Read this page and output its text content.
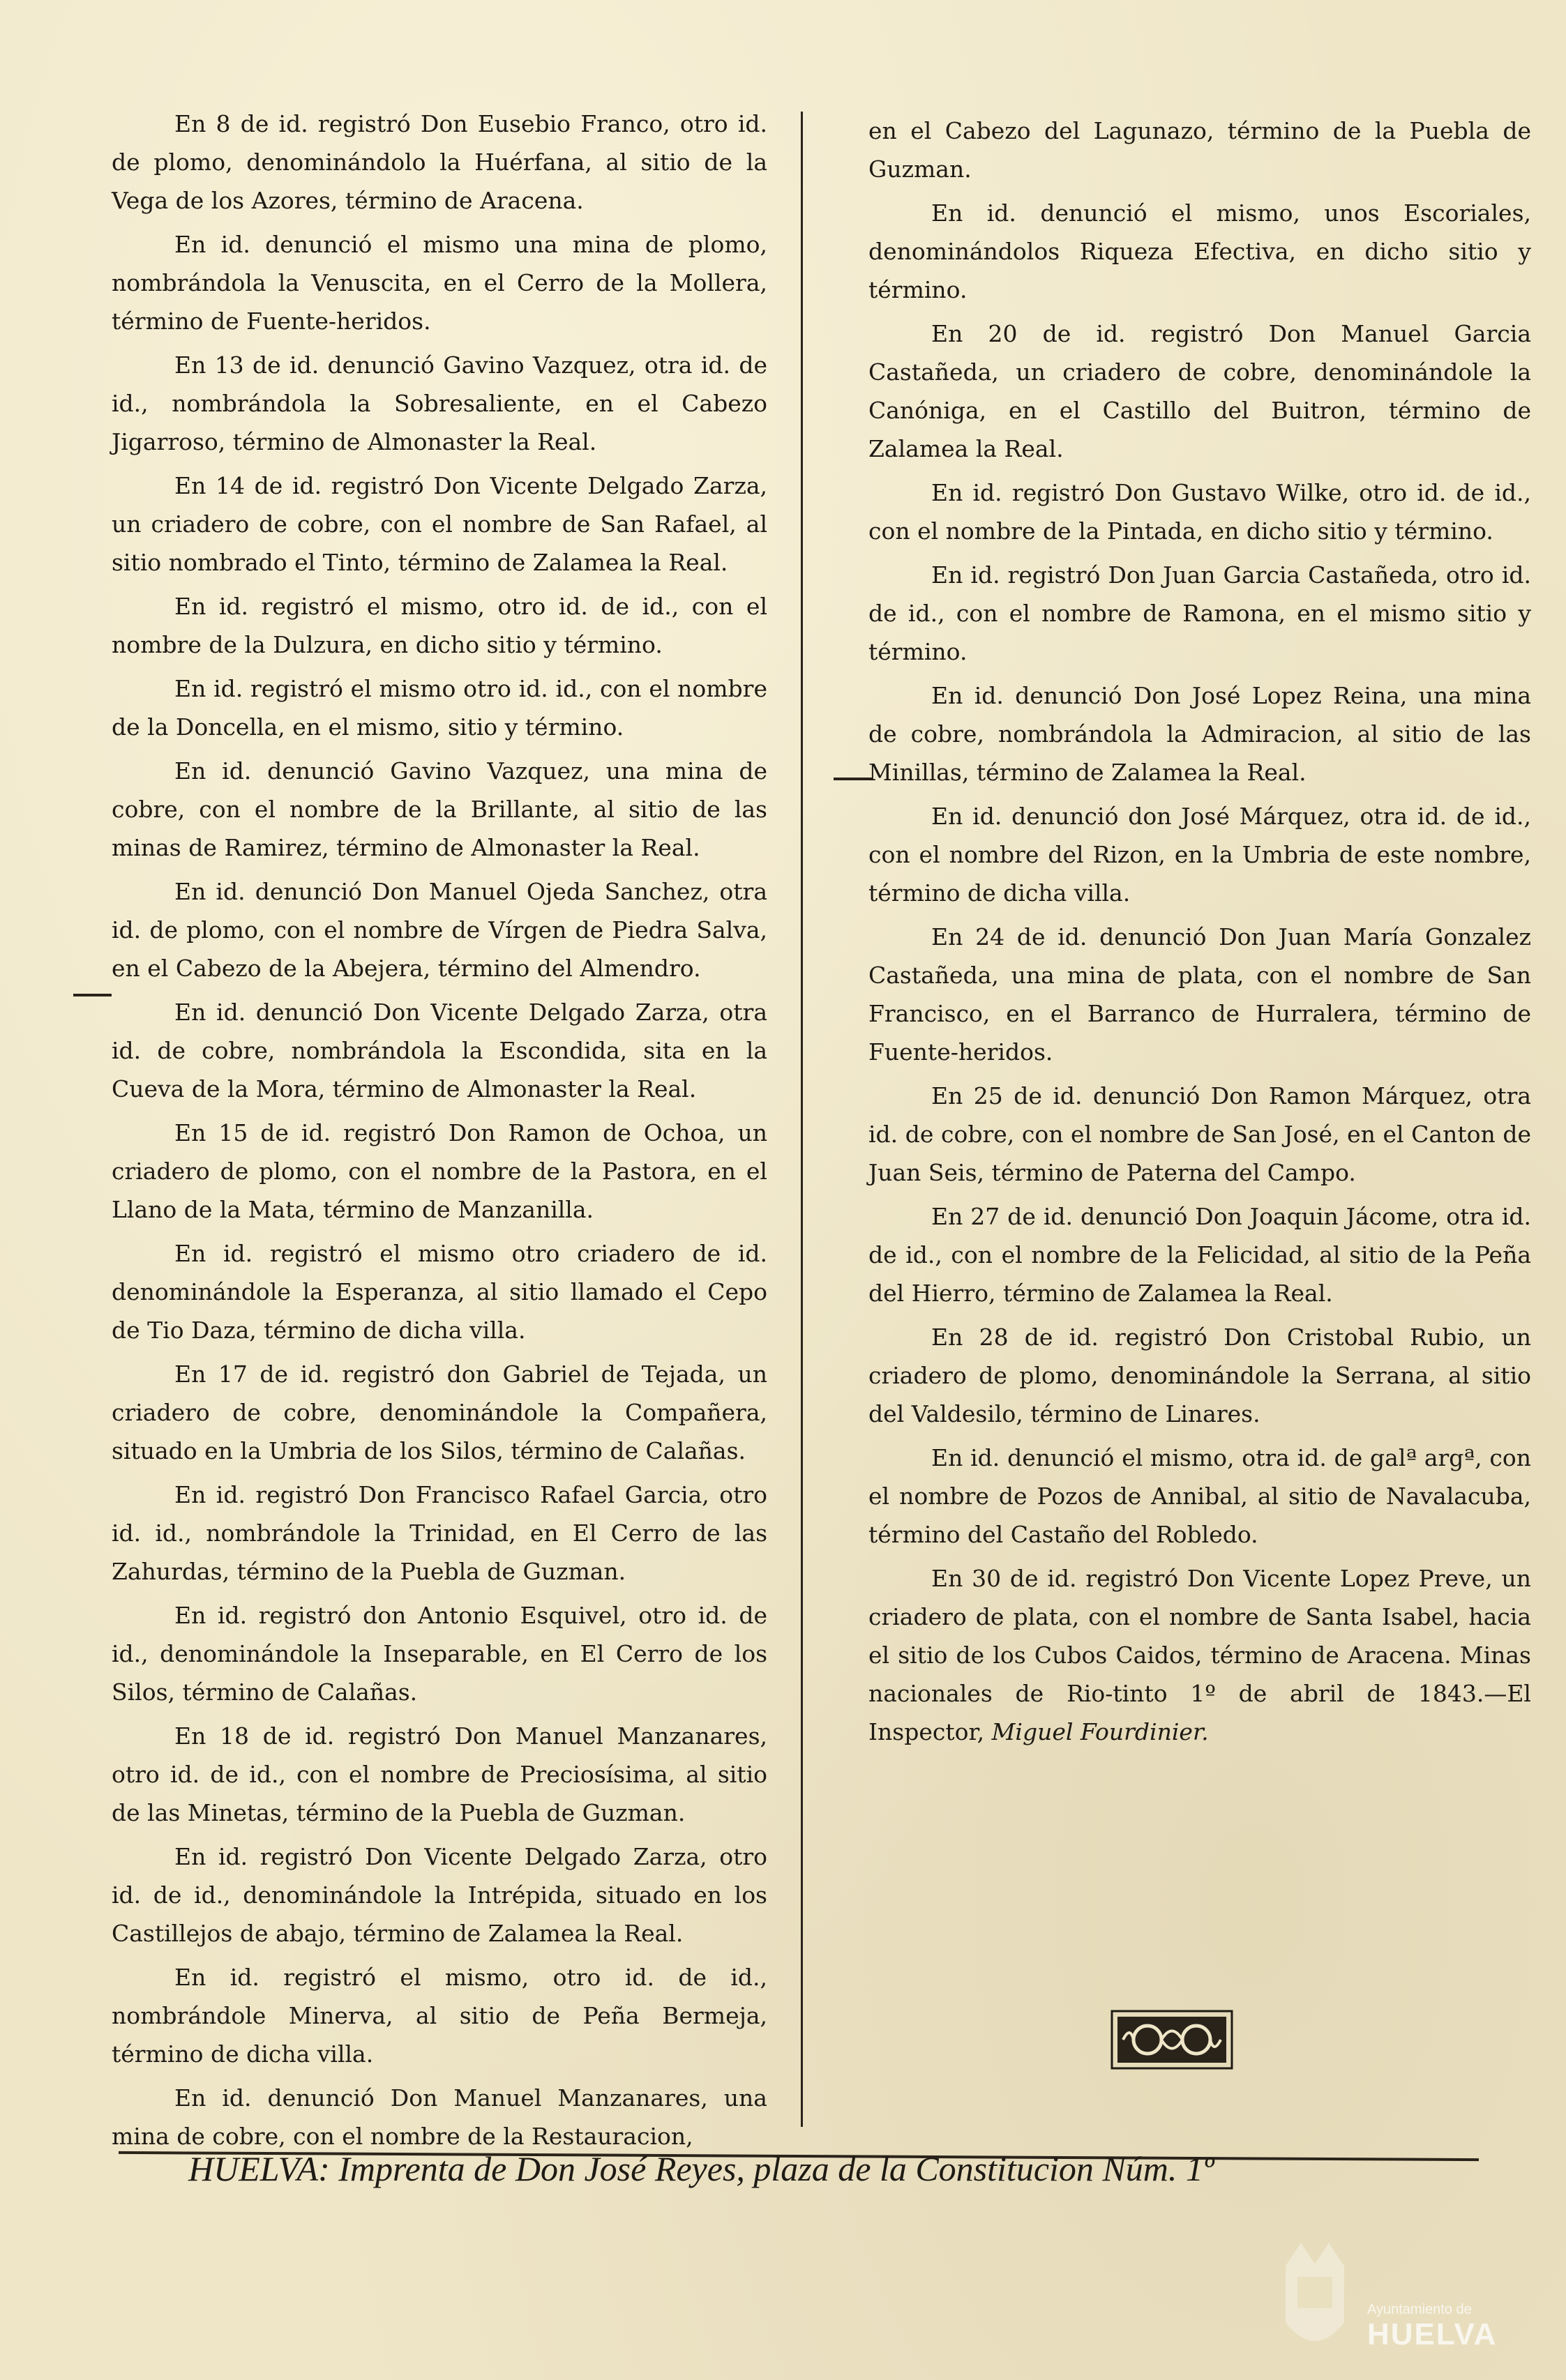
En 8 de id. registró Don Eusebio Franco, otro id. de plomo, denominándolo la Huérfana, al sitio de la Vega de los Azores, término de Aracena.

En id. denunció el mismo una mina de plomo, nombrándola la Venuscita, en el Cerro de la Mollera, término de Fuente-heridos.

En 13 de id. denunció Gavino Vazquez, otra id. de id., nombrándola la Sobresaliente, en el Cabezo Jigarroso, término de Almonaster la Real.

En 14 de id. registró Don Vicente Delgado Zarza, un criadero de cobre, con el nombre de San Rafael, al sitio nombrado el Tinto, término de Zalamea la Real.

En id. registró el mismo, otro id. de id., con el nombre de la Dulzura, en dicho sitio y término.

En id. registró el mismo otro id. id., con el nombre de la Doncella, en el mismo, sitio y término.

En id. denunció Gavino Vazquez, una mina de cobre, con el nombre de la Brillante, al sitio de las minas de Ramirez, término de Almonaster la Real.

En id. denunció Don Manuel Ojeda Sanchez, otra id. de plomo, con el nombre de Vírgen de Piedra Salva, en el Cabezo de la Abejera, término del Almendro.

En id. denunció Don Vicente Delgado Zarza, otra id. de cobre, nombrándola la Escondida, sita en la Cueva de la Mora, término de Almonaster la Real.

En 15 de id. registró Don Ramon de Ochoa, un criadero de plomo, con el nombre de la Pastora, en el Llano de la Mata, término de Manzanilla.

En id. registró el mismo otro criadero de id. denominándole la Esperanza, al sitio llamado el Cepo de Tio Daza, término de dicha villa.

En 17 de id. registró don Gabriel de Tejada, un criadero de cobre, denominándole la Compañera, situado en la Umbria de los Silos, término de Calañas.

En id. registró Don Francisco Rafael Garcia, otro id. id., nombrándole la Trinidad, en El Cerro de las Zahurdas, término de la Puebla de Guzman.

En id. registró don Antonio Esquivel, otro id. de id., denominándole la Inseparable, en El Cerro de los Silos, término de Calañas.

En 18 de id. registró Don Manuel Manzanares, otro id. de id., con el nombre de Preciosísima, al sitio de las Minetas, término de la Puebla de Guzman.

En id. registró Don Vicente Delgado Zarza, otro id. de id., denominándole la Intrépida, situado en los Castillejos de abajo, término de Zalamea la Real.

En id. registró el mismo, otro id. de id., nombrándole Minerva, al sitio de Peña Bermeja, término de dicha villa.

En id. denunció Don Manuel Manzanares, una mina de cobre, con el nombre de la Restauracion,

en el Cabezo del Lagunazo, término de la Puebla de Guzman.

En id. denunció el mismo, unos Escoriales, denominándolos Riqueza Efectiva, en dicho sitio y término.

En 20 de id. registró Don Manuel Garcia Castañeda, un criadero de cobre, denominándole la Canóniga, en el Castillo del Buitron, término de Zalamea la Real.

En id. registró Don Gustavo Wilke, otro id. de id., con el nombre de la Pintada, en dicho sitio y término.

En id. registró Don Juan Garcia Castañeda, otro id. de id., con el nombre de Ramona, en el mismo sitio y término.

En id. denunció Don José Lopez Reina, una mina de cobre, nombrándola la Admiracion, al sitio de las Minillas, término de Zalamea la Real.

En id. denunció don José Márquez, otra id. de id., con el nombre del Rizon, en la Umbria de este nombre, término de dicha villa.

En 24 de id. denunció Don Juan María Gonzalez Castañeda, una mina de plata, con el nombre de San Francisco, en el Barranco de Hurralera, término de Fuente-heridos.

En 25 de id. denunció Don Ramon Márquez, otra id. de cobre, con el nombre de San José, en el Canton de Juan Seis, término de Paterna del Campo.

En 27 de id. denunció Don Joaquin Jácome, otra id. de id., con el nombre de la Felicidad, al sitio de la Peña del Hierro, término de Zalamea la Real.

En 28 de id. registró Don Cristobal Rubio, un criadero de plomo, denominándole la Serrana, al sitio del Valdesilo, término de Linares.

En id. denunció el mismo, otra id. de galª argª, con el nombre de Pozos de Annibal, al sitio de Navalacuba, término del Castaño del Robledo.

En 30 de id. registró Don Vicente Lopez Preve, un criadero de plata, con el nombre de Santa Isabel, hacia el sitio de los Cubos Caidos, término de Aracena. Minas nacionales de Rio-tinto 1º de abril de 1843.—El Inspector, Miguel Fourdinier.

HUELVA: Imprenta de Don José Reyes, plaza de la Constitucion Núm. 1º
Ayuntamiento de
HUELVA
